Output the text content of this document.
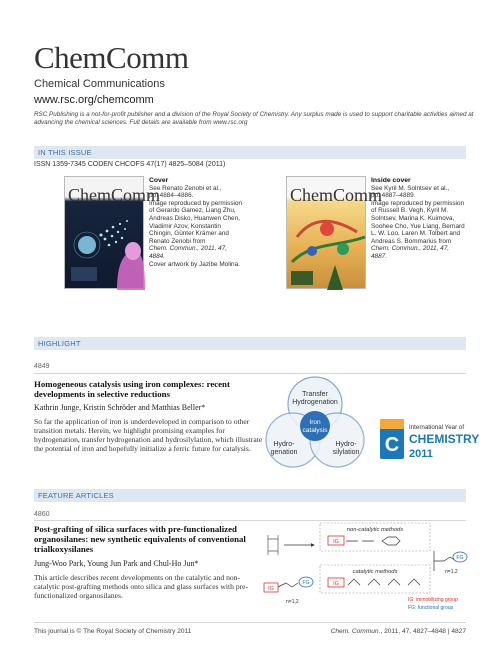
ChemComm
Chemical Communications
www.rsc.org/chemcomm
RSC Publishing is a not-for-profit publisher and a division of the Royal Society of Chemistry. Any surplus made is used to support charitable activities aimed at advancing the chemical sciences. Full details are available from www.rsc.org
IN THIS ISSUE
ISSN 1359-7345 CODEN CHCOFS 47(17) 4825–5084 (2011)
ChemComm
Cover
See Renato Zenobi et al.,
pp. 4884–4886.
Image reproduced by permission of Gerardo Gamez, Liang Zhu, Andreas Disko, Huanwen Chen, Vladimir Azov, Konstantin Chingin, Günter Krämer and Renato Zenobi from
Chem. Commun., 2011, 47, 4884.
Cover artwork by Jazibe Molina.
ChemComm
Inside cover
See Kyril M. Solntsev et al.,
pp. 4887–4889.
Image reproduced by permission of Russell B. Vegh, Kyril M. Solntsev, Marina K. Kuimova, Soohee Cho, Yue Liang, Bernard L. W. Loo, Laren M. Tolbert and Andreas S. Bommarius from
Chem. Commun., 2011, 47, 4887.
HIGHLIGHT
4849
Homogeneous catalysis using iron complexes: recent developments in selective reductions
Kathrin Junge, Kristin Schröder and Matthias Beller*
So far the application of iron is underdeveloped in comparison to other transition metals. Herein, we highlight promising examples for hydrogenation, transfer hydrogenation and hydrosilylation, which illustrate the potential of iron and hopefully initialize a ferric future for catalysis.
Transfer
Hydrogenation
Hydro-
genation
Hydro-
silylation
Iron
catalysis
C
International Year of
CHEMISTRY
2011
FEATURE ARTICLES
4860
Post-grafting of silica surfaces with pre-functionalized organosilanes: new synthetic equivalents of conventional trialkoxysilanes
Jung-Woo Park, Young Jun Park and Chul-Ho Jun*
This article describes recent developments on the catalytic and non-catalytic post-grafting methods onto silica and glass surfaces with pre-functionalized organosilanes.
non-catalytic methods
IG
catalytic methods
IG
IG
FG
n=1,2
FG
n=1,2
IG: immobilizing group
FG: functional group
This journal is © The Royal Society of Chemistry 2011	Chem. Commun., 2011, 47, 4827–4848 | 4827
